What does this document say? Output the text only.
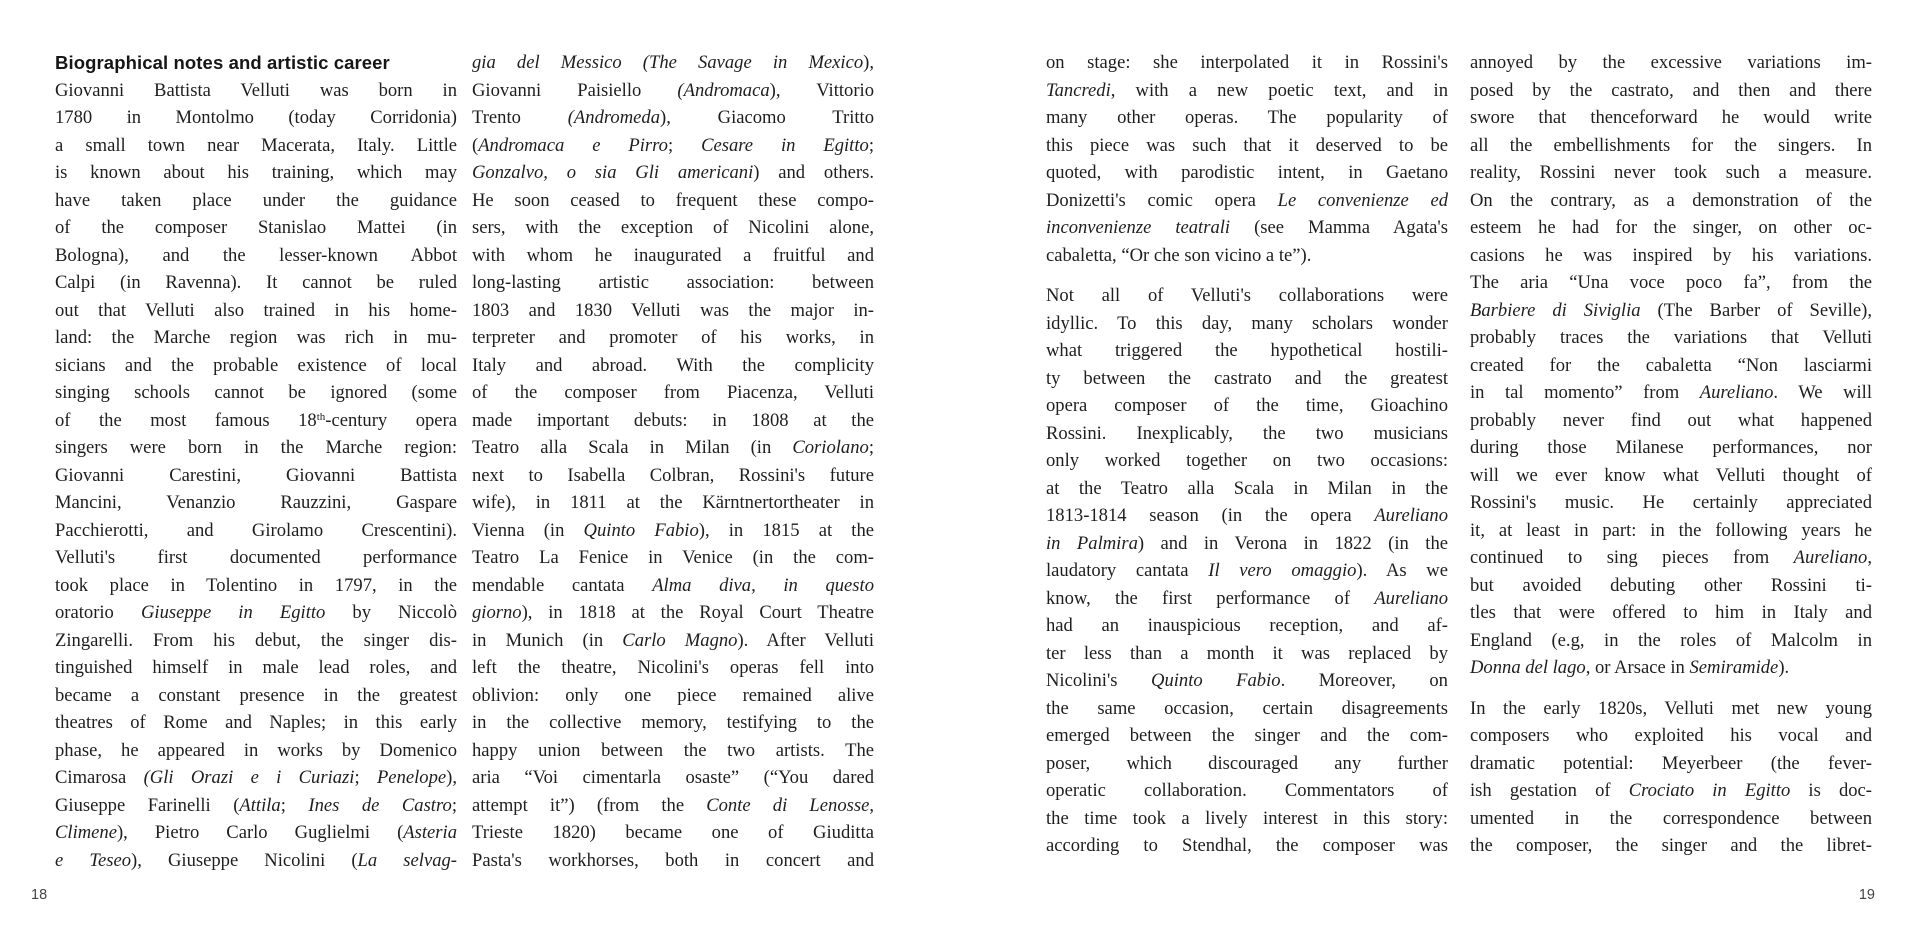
Biographical notes and artistic career
Giovanni Battista Velluti was born in
1780 in Montolmo (today Corridonia)
a small town near Macerata, Italy. Little
is known about his training, which may
have taken place under the guidance
of the composer Stanislao Mattei (in
Bologna), and the lesser-known Abbot
Calpi (in Ravenna). It cannot be ruled
out that Velluti also trained in his home-
land: the Marche region was rich in mu-
sicians and the probable existence of local
singing schools cannot be ignored (some
of the most famous 18th-century opera
singers were born in the Marche region:
Giovanni Carestini, Giovanni Battista
Mancini, Venanzio Rauzzini, Gaspare
Pacchierotti, and Girolamo Crescentini).
Velluti's first documented performance
took place in Tolentino in 1797, in the
oratorio Giuseppe in Egitto by Niccolò
Zingarelli. From his debut, the singer dis-
tinguished himself in male lead roles, and
became a constant presence in the greatest
theatres of Rome and Naples; in this early
phase, he appeared in works by Domenico
Cimarosa (Gli Orazi e i Curiazi; Penelope),
Giuseppe Farinelli (Attila; Ines de Castro;
Climene), Pietro Carlo Guglielmi (Asteria
e Teseo), Giuseppe Nicolini (La selvag-
gia del Messico (The Savage in Mexico),
Giovanni Paisiello (Andromaca), Vittorio
Trento (Andromeda), Giacomo Tritto
(Andromaca e Pirro; Cesare in Egitto;
Gonzalvo, o sia Gli americani) and others.
He soon ceased to frequent these compo-
sers, with the exception of Nicolini alone,
with whom he inaugurated a fruitful and
long-lasting artistic association: between
1803 and 1830 Velluti was the major in-
terpreter and promoter of his works, in
Italy and abroad. With the complicity
of the composer from Piacenza, Velluti
made important debuts: in 1808 at the
Teatro alla Scala in Milan (in Coriolano;
next to Isabella Colbran, Rossini's future
wife), in 1811 at the Kärntnertortheater in
Vienna (in Quinto Fabio), in 1815 at the
Teatro La Fenice in Venice (in the com-
mendable cantata Alma diva, in questo
giorno), in 1818 at the Royal Court Theatre
in Munich (in Carlo Magno). After Velluti
left the theatre, Nicolini's operas fell into
oblivion: only one piece remained alive
in the collective memory, testifying to the
happy union between the two artists. The
aria “Voi cimentarla osaste” (“You dared
attempt it”) (from the Conte di Lenosse,
Trieste 1820) became one of Giuditta
Pasta's workhorses, both in concert and
18
on stage: she interpolated it in Rossini's
Tancredi, with a new poetic text, and in
many other operas. The popularity of
this piece was such that it deserved to be
quoted, with parodistic intent, in Gaetano
Donizetti's comic opera Le convenienze ed
inconvenienze teatrali (see Mamma Agata's
cabaletta, “Or che son vicino a te”).
Not all of Velluti's collaborations were
idyllic. To this day, many scholars wonder
what triggered the hypothetical hostili-
ty between the castrato and the greatest
opera composer of the time, Gioachino
Rossini. Inexplicably, the two musicians
only worked together on two occasions:
at the Teatro alla Scala in Milan in the
1813-1814 season (in the opera Aureliano
in Palmira) and in Verona in 1822 (in the
laudatory cantata Il vero omaggio). As we
know, the first performance of Aureliano
had an inauspicious reception, and af-
ter less than a month it was replaced by
Nicolini's Quinto Fabio. Moreover, on
the same occasion, certain disagreements
emerged between the singer and the com-
poser, which discouraged any further
operatic collaboration. Commentators of
the time took a lively interest in this story:
according to Stendhal, the composer was
annoyed by the excessive variations im-
posed by the castrato, and then and there
swore that thenceforward he would write
all the embellishments for the singers. In
reality, Rossini never took such a measure.
On the contrary, as a demonstration of the
esteem he had for the singer, on other oc-
casions he was inspired by his variations.
The aria “Una voce poco fa”, from the
Barbiere di Siviglia (The Barber of Seville),
probably traces the variations that Velluti
created for the cabaletta “Non lasciarmi
in tal momento” from Aureliano. We will
probably never find out what happened
during those Milanese performances, nor
will we ever know what Velluti thought of
Rossini's music. He certainly appreciated
it, at least in part: in the following years he
continued to sing pieces from Aureliano,
but avoided debuting other Rossini ti-
tles that were offered to him in Italy and
England (e.g, in the roles of Malcolm in
Donna del lago, or Arsace in Semiramide).
In the early 1820s, Velluti met new young
composers who exploited his vocal and
dramatic potential: Meyerbeer (the fever-
ish gestation of Crociato in Egitto is doc-
umented in the correspondence between
the composer, the singer and the libret-
19
